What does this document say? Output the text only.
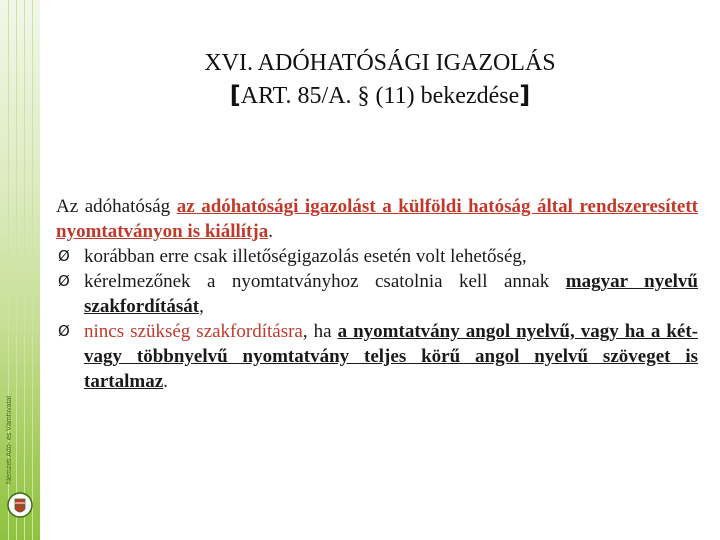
Nemzeti Adó- és Vámhivatal
XVI. ADÓHATÓSÁGI IGAZOLÁS
[ART. 85/A. § (11) bekezdése]
Az adóhatóság az adóhatósági igazolást a külföldi hatóság által rendszeresített nyomtatványon is kiállítja.
Ø korábban erre csak illetőségigazolás esetén volt lehetőség,
Ø kérelmezőnek a nyomtatványhoz csatolnia kell annak magyar nyelvű szakfordítását,
Ø nincs szükség szakfordításra, ha a nyomtatvány angol nyelvű, vagy ha a két- vagy többnyelvű nyomtatvány teljes körű angol nyelvű szöveget is tartalmaz.
